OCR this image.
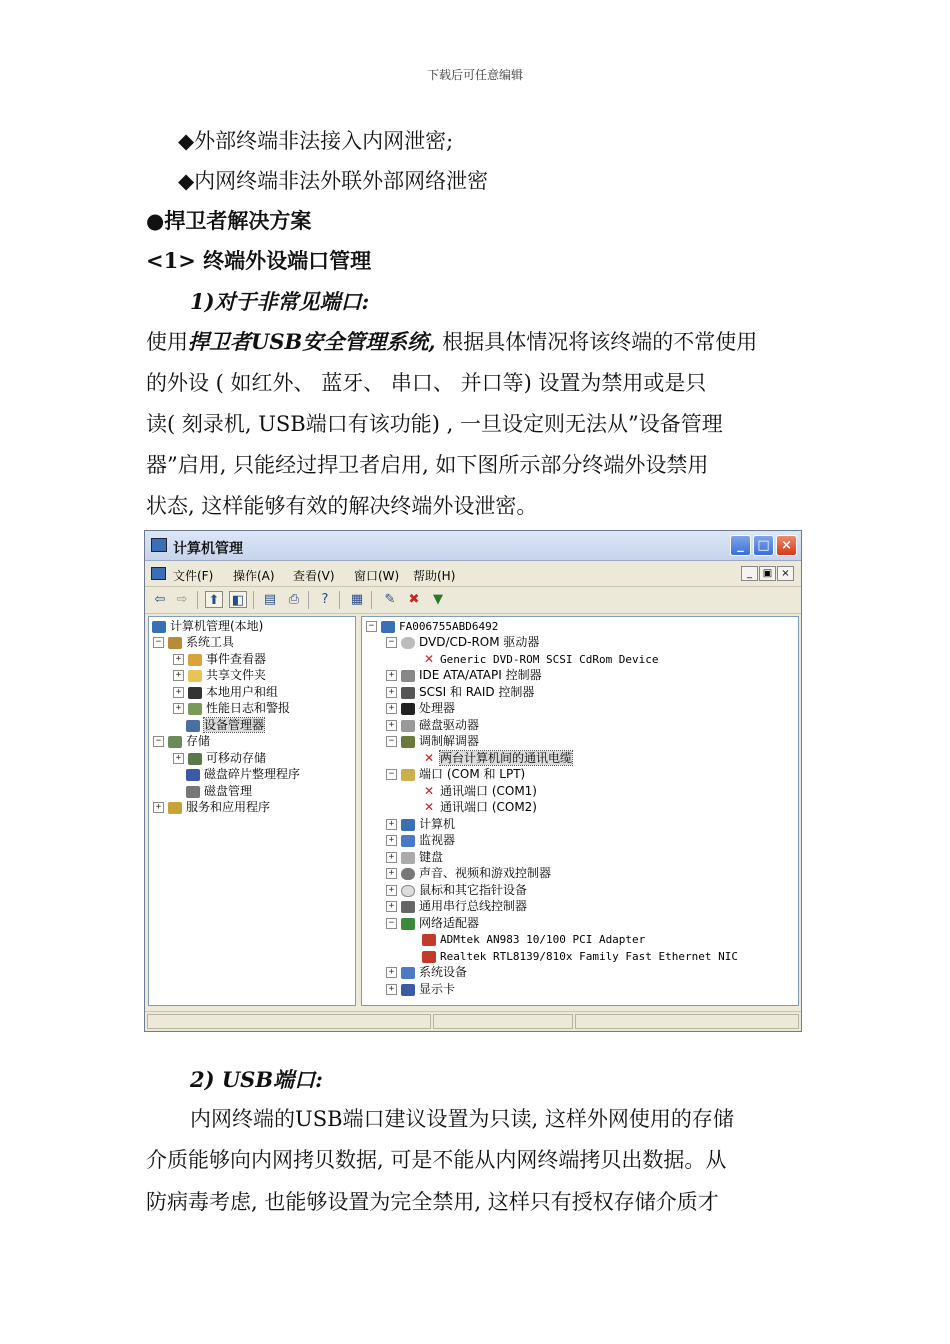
下载后可任意编辑
◆外部终端非法接入内网泄密;
◆内网终端非法外联外部网络泄密
●捍卫者解决方案
<1> 终端外设端口管理
1)对于非常见端口:
使用捍卫者USB安全管理系统, 根据具体情况将该终端的不常使用
的外设 ( 如红外、 蓝牙、 串口、 并口等) 设置为禁用或是只
读( 刻录机, USB端口有该功能) , 一旦设定则无法从”设备管理
器”启用, 只能经过捍卫者启用, 如下图所示部分终端外设禁用
状态, 这样能够有效的解决终端外设泄密。
计算机管理	_	□ ×
文件(F) 操作(A) 查看(V) 窗口(W) 帮助(H)	_	▣ ×
⇦ ⇨ ⬆ ◧ ▤ ⎙	?	▦ ✎ ✖	▼
计算机管理(本地)
− 系统工具
+ 事件查看器
+ 共享文件夹
+ 本地用户和组
+ 性能日志和警报
设备管理器
− 存储
+ 可移动存储
磁盘碎片整理程序
磁盘管理
+ 服务和应用程序
− FA006755ABD6492
− DVD/CD-ROM 驱动器
✕ Generic DVD-ROM SCSI CdRom Device
+ IDE ATA/ATAPI 控制器
+ SCSI 和 RAID 控制器
+ 处理器
+ 磁盘驱动器
− 调制解调器
✕ 两台计算机间的通讯电缆
− 端口 (COM 和 LPT)
✕ 通讯端口 (COM1)
✕ 通讯端口 (COM2)
+ 计算机
+ 监视器
+ 键盘
+ 声音、视频和游戏控制器
+ 鼠标和其它指针设备
+ 通用串行总线控制器
− 网络适配器
ADMtek AN983 10/100 PCI Adapter
Realtek RTL8139/810x Family Fast Ethernet NIC
+ 系统设备
+ 显示卡
2) USB端口:
内网终端的USB端口建议设置为只读, 这样外网使用的存储
介质能够向内网拷贝数据, 可是不能从内网终端拷贝出数据。从
防病毒考虑, 也能够设置为完全禁用, 这样只有授权存储介质才
